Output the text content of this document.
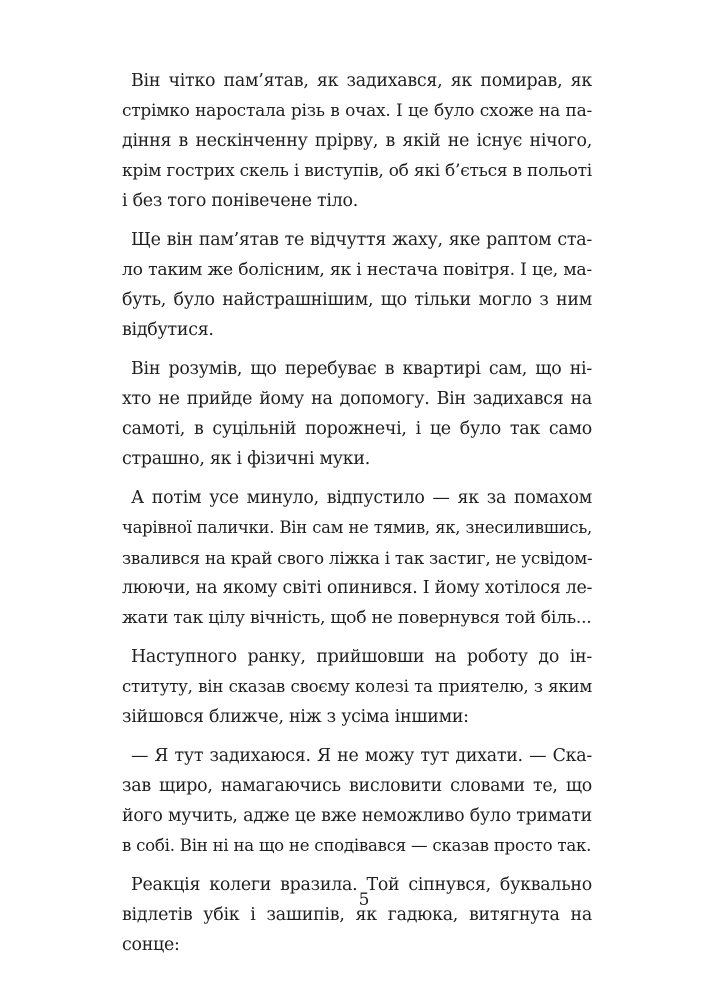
Він чітко пам’ятав, як задихався, як помирав, як
стрімко наростала різь в очах. І це було схоже на па-
діння в нескінченну прірву, в якій не існує нічого,
крім гострих скель і виступів, об які б’ється в польоті
і без того понівечене тіло.

Ще він пам’ятав те відчуття жаху, яке раптом ста-
ло таким же болісним, як і нестача повітря. І це, ма-
буть, було найстрашнішим, що тільки могло з ним
відбутися.

Він розумів, що перебуває в квартирі сам, що ні-
хто не прийде йому на допомогу. Він задихався на
самоті, в суцільній порожнечі, і це було так само
страшно, як і фізичні муки.

А потім усе минуло, відпустило — як за помахом
чарівної палички. Він сам не тямив, як, знесилившись,
звалився на край свого ліжка і так застиг, не усвідом-
люючи, на якому світі опинився. І йому хотілося ле-
жати так цілу вічність, щоб не повернувся той біль...

Наступного ранку, прийшовши на роботу до ін-
ституту, він сказав своєму колезі та приятелю, з яким
зійшовся ближче, ніж з усіма іншими:

— Я тут задихаюся. Я не можу тут дихати. — Ска-
зав щиро, намагаючись висловити словами те, що
його мучить, адже це вже неможливо було тримати
в собі. Він ні на що не сподівався — сказав просто так.

Реакція колеги вразила. Той сіпнувся, буквально
відлетів убік і зашипів, як гадюка, витягнута на
сонце:

5
